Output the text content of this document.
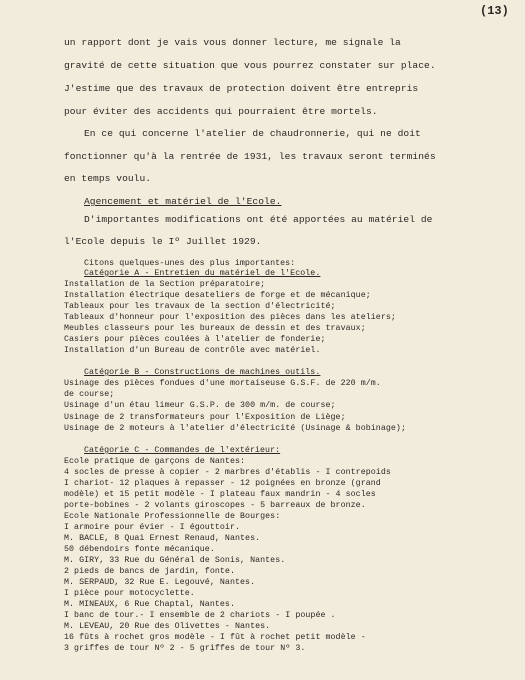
(13)
un rapport dont je vais vous donner lecture, me signale la
gravité de cette situation que vous pourrez constater sur place.
J'estime que des travaux de protection doivent être entrepris
pour éviter des accidents qui pourraient être mortels.
En ce qui concerne l'atelier de chaudronnerie, qui ne doit
fonctionner qu'à la rentrée de 1931, les travaux seront terminés
en temps voulu.
Agencement et matériel de l'Ecole.
D'importantes modifications ont été apportées au matériel de
l'Ecole depuis le Iº Juillet 1929.
Citons quelques-unes des plus importantes:
Catégorie A - Entretien du matériel de l'Ecole.
Installation de la Section préparatoire;
Installation électrique desateliers de forge et de mécanique;
Tableaux pour les travaux de la section d'électricité;
Tableaux d'honneur pour l'exposition des pièces dans les ateliers;
Meubles classeurs pour les bureaux de dessin et des travaux;
Casiers pour pièces coulées à l'atelier de fonderie;
Installation d'un Bureau de contrôle avec matériel.
Catégorie B - Constructions de machines outils.
Usinage des pièces fondues d'une mortaiseuse G.S.F. de 220 m/m.
de course;
Usinage d'un étau limeur G.S.P. de 300 m/m. de course;
Usinage de 2 transformateurs pour l'Exposition de Liège;
Usinage de 2 moteurs à l'atelier d'électricité (Usinage & bobinage);
Catégorie C - Commandes de l'extérieur:
Ecole pratique de garçons de Nantes:
4 socles de presse à copier - 2 marbres d'établis - I contrepoids
I chariot- 12 plaques à repasser - 12 poignées en bronze (grand
modèle) et 15 petit modèle - I plateau faux mandrin - 4 socles
porte-bobines - 2 volants giroscopes - 5 barreaux de bronze.
Ecole Nationale Professionnelle de Bourges:
I armoire pour évier - I égouttoir.
M. BACLE, 8 Quai Ernest Renaud, Nantes.
50 débendoirs fonte mécanique.
M. GIRY, 33 Rue du Général de Sonis, Nantes.
2 pieds de bancs de jardin, fonte.
M. SERPAUD, 32 Rue E. Legouvé, Nantes.
I pièce pour motocyclette.
M. MINEAUX, 6 Rue Chaptal, Nantes.
I banc de tour.- I ensemble de 2 chariots - I poupée .
M. LEVEAU, 20 Rue des Olivettes - Nantes.
16 fûts à rochet gros modèle - I fût à rochet petit modèle -
3 griffes de tour Nº 2 - 5 griffes de tour Nº 3.
